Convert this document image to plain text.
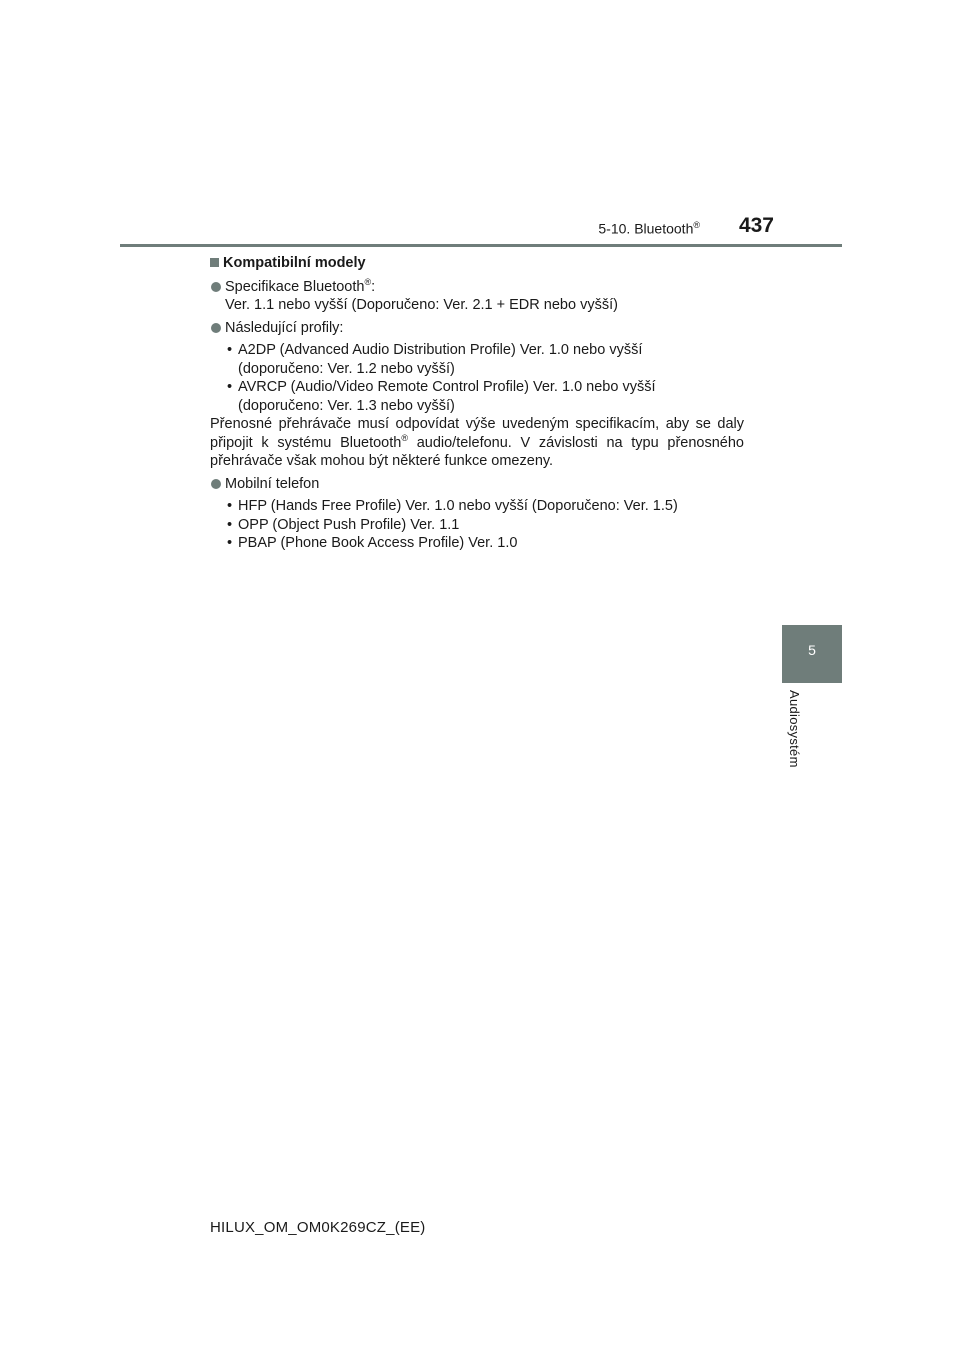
5-10. Bluetooth® 437
5
Audiosystém
Kompatibilní modely
Specifikace Bluetooth®:
Ver. 1.1 nebo vyšší (Doporučeno: Ver. 2.1 + EDR nebo vyšší)
Následující profily:
• A2DP (Advanced Audio Distribution Profile) Ver. 1.0 nebo vyšší
(doporučeno: Ver. 1.2 nebo vyšší)
• AVRCP (Audio/Video Remote Control Profile) Ver. 1.0 nebo vyšší
(doporučeno: Ver. 1.3 nebo vyšší)
Přenosné přehrávače musí odpovídat výše uvedeným specifikacím, aby se daly připojit k systému Bluetooth® audio/telefonu. V závislosti na typu přenosného přehrávače však mohou být některé funkce omezeny.
Mobilní telefon
• HFP (Hands Free Profile) Ver. 1.0 nebo vyšší (Doporučeno: Ver. 1.5)
• OPP (Object Push Profile) Ver. 1.1
• PBAP (Phone Book Access Profile) Ver. 1.0
HILUX_OM_OM0K269CZ_(EE)
